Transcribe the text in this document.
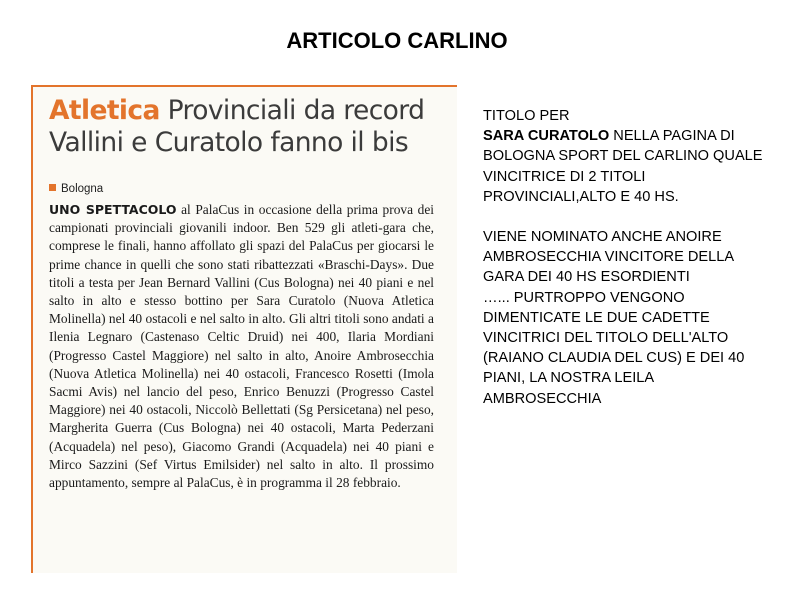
ARTICOLO CARLINO
Atletica Provinciali da record
Vallini e Curatolo fanno il bis
Bologna
UNO SPETTACOLO al PalaCus in occasione della prima prova dei campionati provinciali giovanili indoor. Ben 529 gli atleti-gara che, comprese le finali, hanno affollato gli spazi del PalaCus per giocarsi le prime chance in quelli che sono stati ribattezzati «Braschi-Days». Due titoli a testa per Jean Bernard Vallini (Cus Bologna) nei 40 piani e nel salto in alto e stesso bottino per Sara Curatolo (Nuova Atletica Molinella) nel 40 ostacoli e nel salto in alto. Gli altri titoli sono andati a Ilenia Legnaro (Castenaso Celtic Druid) nei 400, Ilaria Mordiani (Progresso Castel Maggiore) nel salto in alto, Anoire Ambrosecchia (Nuova Atletica Molinella) nei 40 ostacoli, Francesco Rosetti (Imola Sacmi Avis) nel lancio del peso, Enrico Benuzzi (Progresso Castel Maggiore) nei 40 ostacoli, Niccolò Bellettati (Sg Persicetana) nel peso, Margherita Guerra (Cus Bologna) nei 40 ostacoli, Marta Pederzani (Acquadela) nel peso), Giacomo Grandi (Acquadela) nei 40 piani e Mirco Sazzini (Sef Virtus Emilsider) nel salto in alto. Il prossimo appuntamento, sempre al PalaCus, è in programma il 28 febbraio.

TITOLO PER

SARA CURATOLO NELLA PAGINA DI BOLOGNA SPORT DEL CARLINO QUALE VINCITRICE DI 2 TITOLI PROVINCIALI,ALTO E 40 HS.

VIENE NOMINATO ANCHE ANOIRE AMBROSECCHIA VINCITORE DELLA GARA DEI 40 HS ESORDIENTI

…... PURTROPPO VENGONO DIMENTICATE LE DUE CADETTE VINCITRICI DEL TITOLO DELL'ALTO (RAIANO CLAUDIA DEL CUS) E DEI 40 PIANI, LA NOSTRA LEILA AMBROSECCHIA
